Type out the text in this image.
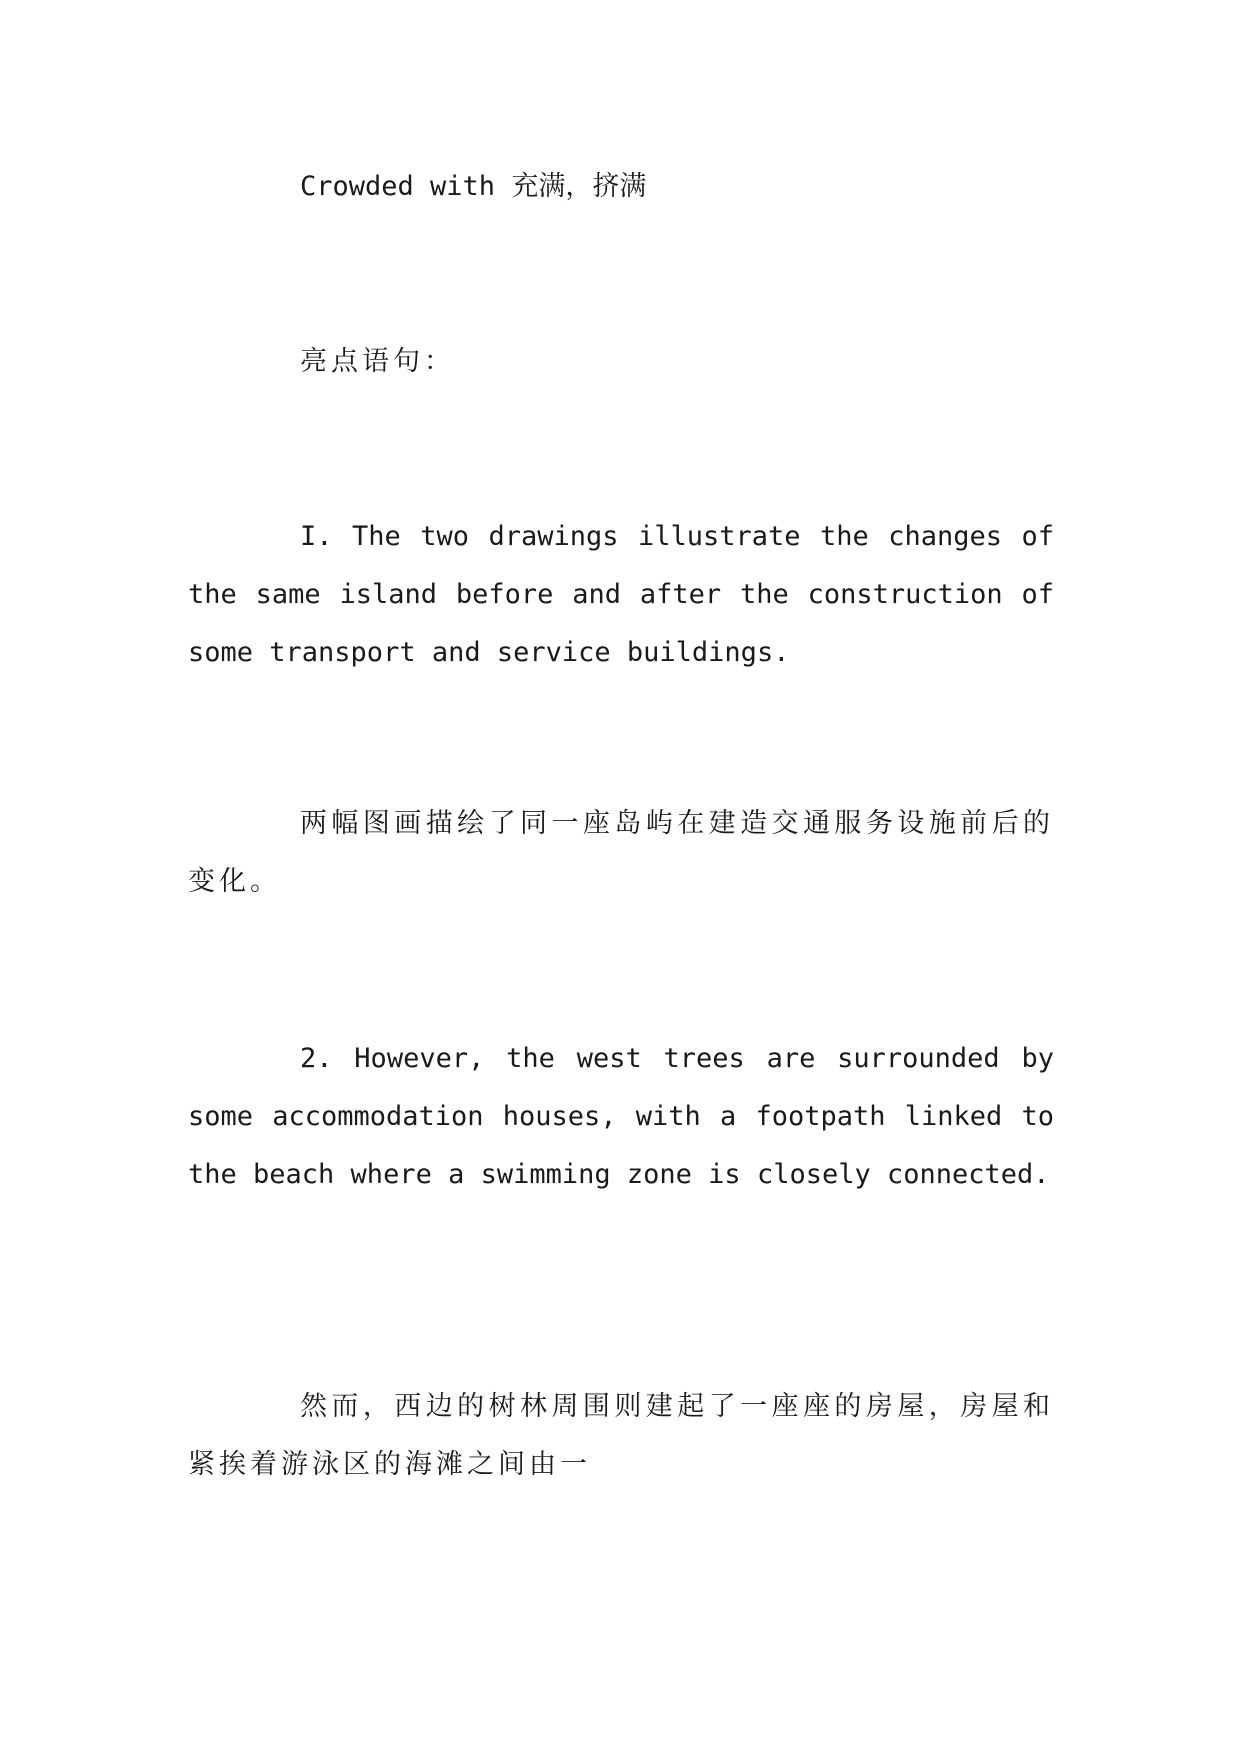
Crowded with 充满，挤满

亮点语句：

I. The two drawings illustrate the changes of the same island before and after the construction of some transport and service buildings.

两幅图画描绘了同一座岛屿在建造交通服务设施前后的变化。

2. However, the west trees are surrounded by some accommodation houses, with a footpath linked to the beach where a swimming zone is closely connected.

然而，西边的树林周围则建起了一座座的房屋，房屋和紧挨着游泳区的海滩之间由一
